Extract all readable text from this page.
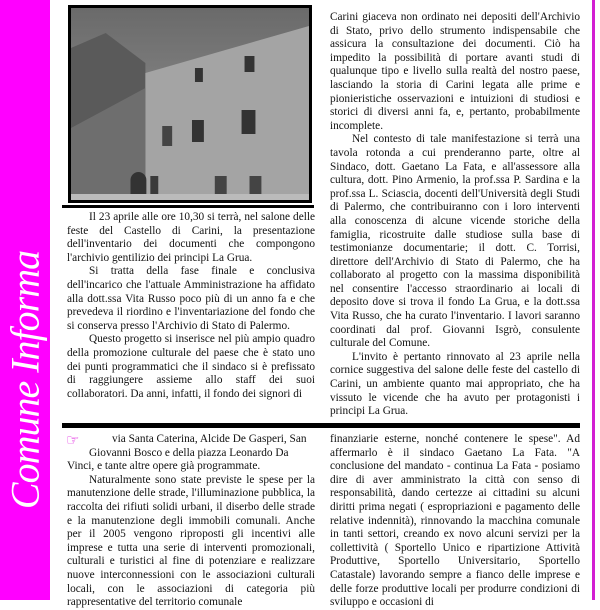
Comune Informa

Il 23 aprile alle ore 10,30 si terrà, nel salone delle feste del Castello di Carini, la presentazione dell'inventario dei documenti che compongono l'archivio gentilizio dei principi La Grua.

Si tratta della fase finale e conclusiva dell'incarico che l'attuale Amministrazione ha affidato alla dott.ssa Vita Russo poco più di un anno fa e che prevedeva il riordino e l'inventariazione del fondo che si conserva presso l'Archivio di Stato di Palermo.

Questo progetto si inserisce nel più ampio quadro della promozione culturale del paese che è stato uno dei punti programmatici che il sindaco si è prefissato di raggiungere assieme allo staff dei suoi collaboratori. Da anni, infatti, il fondo dei signori di

Carini giaceva non ordinato nei depositi dell'Archivio di Stato, privo dello strumento indispensabile che assicura la consultazione dei documenti. Ciò ha impedito la possibilità di portare avanti studi di qualunque tipo e livello sulla realtà del nostro paese, lasciando la storia di Carini legata alle prime e pionieristiche osservazioni e intuizioni di studiosi e storici di diversi anni fa, e, pertanto, probabilmente incomplete.

Nel contesto di tale manifestazione si terrà una tavola rotonda a cui prenderanno parte, oltre al Sindaco, dott. Gaetano La Fata, e all'assessore alla cultura, dott. Pino Armenio, la prof.ssa P. Sardina e la prof.ssa L. Sciascia, docenti dell'Università degli Studi di Palermo, che contribuiranno con i loro interventi alla conoscenza di alcune vicende storiche della famiglia, ricostruite dalle studiose sulla base di testimonianze documentarie; il dott. C. Torrisi, direttore dell'Archivio di Stato di Palermo, che ha collaborato al progetto con la massima disponibilità nel consentire l'accesso straordinario ai locali di deposito dove si trova il fondo La Grua, e la dott.ssa Vita Russo, che ha curato l'inventario. I lavori saranno coordinati dal prof. Giovanni Isgrò, consulente culturale del Comune.

L'invito è pertanto rinnovato al 23 aprile nella cornice suggestiva del salone delle feste del castello di Carini, un ambiente quanto mai appropriato, che ha vissuto le vicende che ha avuto per protagonisti i principi La Grua.

☞	via Santa Caterina, Alcide De Gasperi, San
Giovanni Bosco e della piazza Leonardo Da

Vinci, e tante altre opere già programmate.

Naturalmente sono state previste le spese per la manutenzione delle strade, l'illuminazione pubblica, la raccolta dei rifiuti solidi urbani, il diserbo delle strade e la manutenzione degli immobili comunali. Anche per il 2005 vengono riproposti gli incentivi alle imprese e tutta una serie di interventi promozionali, culturali e turistici al fine di potenziare e realizzare nuove interconnessioni con le associazioni culturali locali, con le associazioni di categoria più rappresentative del territorio comunale

finanziarie esterne, nonché contenere le spese". Ad affermarlo è il sindaco Gaetano La Fata. "A conclusione del mandato - continua La Fata - posiamo dire di aver amministrato la città con senso di responsabilità, dando certezze ai cittadini su alcuni diritti prima negati ( espropriazioni e pagamento delle relative indennità), rinnovando la macchina comunale in tanti settori, creando ex novo alcuni servizi per la collettività ( Sportello Unico e ripartizione Attività Produttive, Sportello Universitario, Sportello Catastale) lavorando sempre a fianco delle imprese e delle forze produttive locali per produrre condizioni di sviluppo e occasioni di
